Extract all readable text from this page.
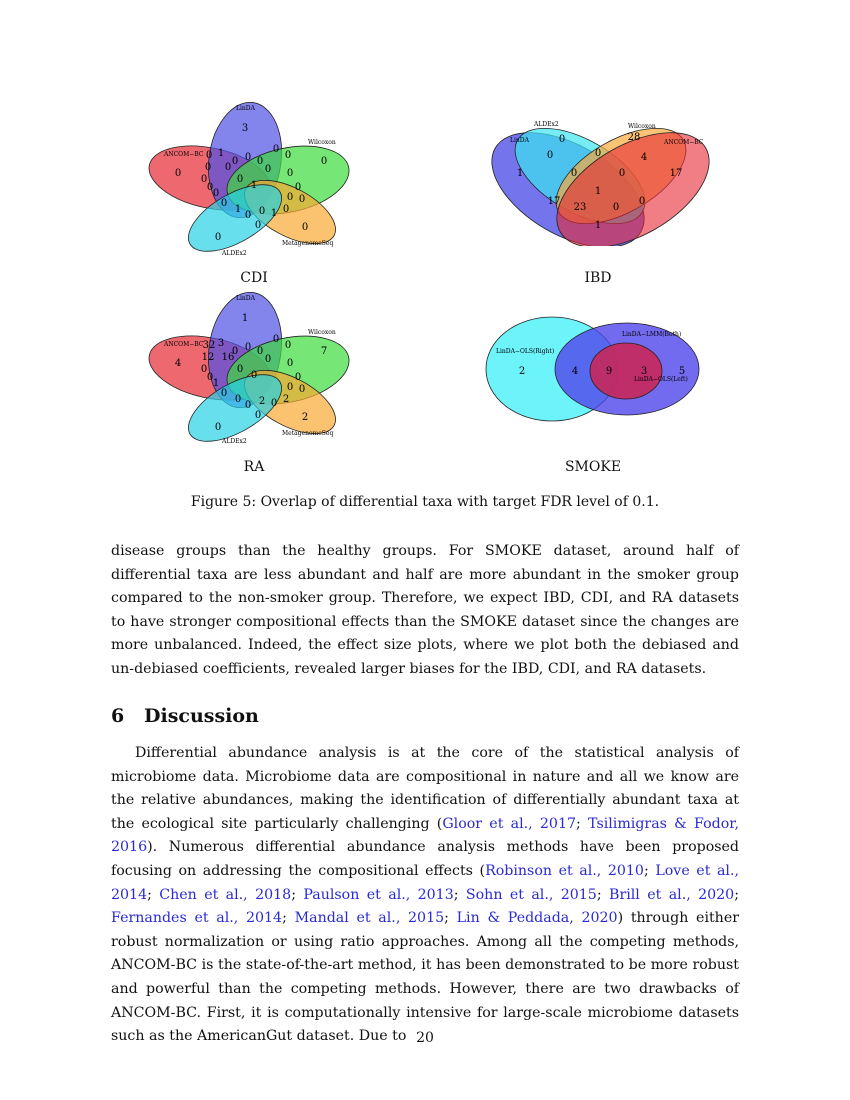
LinDA
Wilcoxon
ANCOM−BC
ALDEx2
MetagenomeSeq
3
0
0
0
0
1
0 1
0
0
0 0
0
0
0
0
0
0
0
0
0 0
1
0 0 1 0
0
0
0
0
CDI
ALDEx2	Wilcoxon
LinDA	ANCOM−BC
0	28
1
0	0	4
17
0	0
1
17
23	0
0
1
IBD
LinDA
Wilcoxon
ANCOM−BC
ALDEx2
MetagenomeSeq
1
7
4
0
2
0
32 3
0
16
0 0
0
0
12
0
1
0
0
0
0 0
0
0 2 0 2
0
0
0
0
RA
LinDA−OLS(Right)
LinDA−LMM(Both)
LinDA−OLS(Left)
2	4	9	3	5
SMOKE
Figure 5: Overlap of differential taxa with target FDR level of 0.1.
disease groups than the healthy groups. For SMOKE dataset, around half of differential taxa are less abundant and half are more abundant in the smoker group compared to the non-smoker group. Therefore, we expect IBD, CDI, and RA datasets to have stronger compositional effects than the SMOKE dataset since the changes are more unbalanced. Indeed, the effect size plots, where we plot both the debiased and un-debiased coefficients, revealed larger biases for the IBD, CDI, and RA datasets.
6 Discussion
Differential abundance analysis is at the core of the statistical analysis of microbiome data. Microbiome data are compositional in nature and all we know are the relative abundances, making the identification of differentially abundant taxa at the ecological site particularly challenging (Gloor et al., 2017; Tsilimigras & Fodor, 2016). Numerous differential abundance analysis methods have been proposed focusing on addressing the compositional effects (Robinson et al., 2010; Love et al., 2014; Chen et al., 2018; Paulson et al., 2013; Sohn et al., 2015; Brill et al., 2020; Fernandes et al., 2014; Mandal et al., 2015; Lin & Peddada, 2020) through either robust normalization or using ratio approaches. Among all the competing methods, ANCOM-BC is the state-of-the-art method, it has been demonstrated to be more robust and powerful than the competing methods. However, there are two drawbacks of ANCOM-BC. First, it is computationally intensive for large-scale microbiome datasets such as the AmericanGut dataset. Due to 20
